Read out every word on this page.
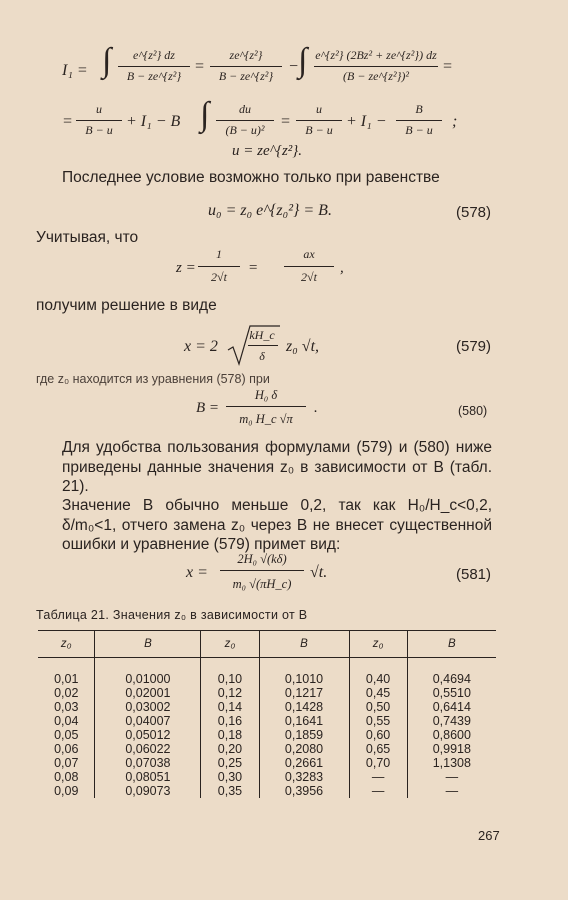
I₁ = ∫	e^{z²} dz
B − ze^{z²}
=
ze^{z²}
B − ze^{z²}
− ∫ e^{z²} (2Bz² + ze^{z²}) dz
(B − ze^{z²})²
=
=
u
B − u + I₁ − B ∫	du
(B − u)² =
u
B − u + I₁ −
B
B − u	;
u = ze^{z²}.
Последнее условие возможно только при равенстве
u₀ = z₀ e^{z₀²} = B.	(578)
Учитывая, что
z =
1
2√t
=
ax
2√t
,
получим решение в виде
x = 2
kH_c
δ
z₀ √t,	(579)
где z₀ находится из уравнения (578) при
B =
H₀ δ
m₀ H_c √π
.	(580)
Для удобства пользования формулами (579) и (580) ниже приведены данные значения z₀ в зависимости от B (табл. 21).
Значение B обычно меньше 0,2, так как H₀/H_c<0,2, δ/m₀<1, отчего замена z₀ через B не внесет существенной ошибки и уравнение (579) примет вид:
x =
2H₀ √(kδ)
m₀ √(πH_c)
√t.	(581)
Таблица 21. Значения z₀ в зависимости от B
z₀	B	z₀	B	z₀	B
0,01	0,01000	0,10	0,1010	0,40	0,4694
0,02	0,02001	0,12	0,1217	0,45	0,5510
0,03	0,03002	0,14	0,1428	0,50	0,6414
0,04	0,04007	0,16	0,1641	0,55	0,7439
0,05	0,05012	0,18	0,1859	0,60	0,8600
0,06	0,06022	0,20	0,2080	0,65	0,9918
0,07	0,07038	0,25	0,2661	0,70	1,1308
0,08	0,08051	0,30	0,3283	—	—
0,09	0,09073	0,35	0,3956	—	—
267
